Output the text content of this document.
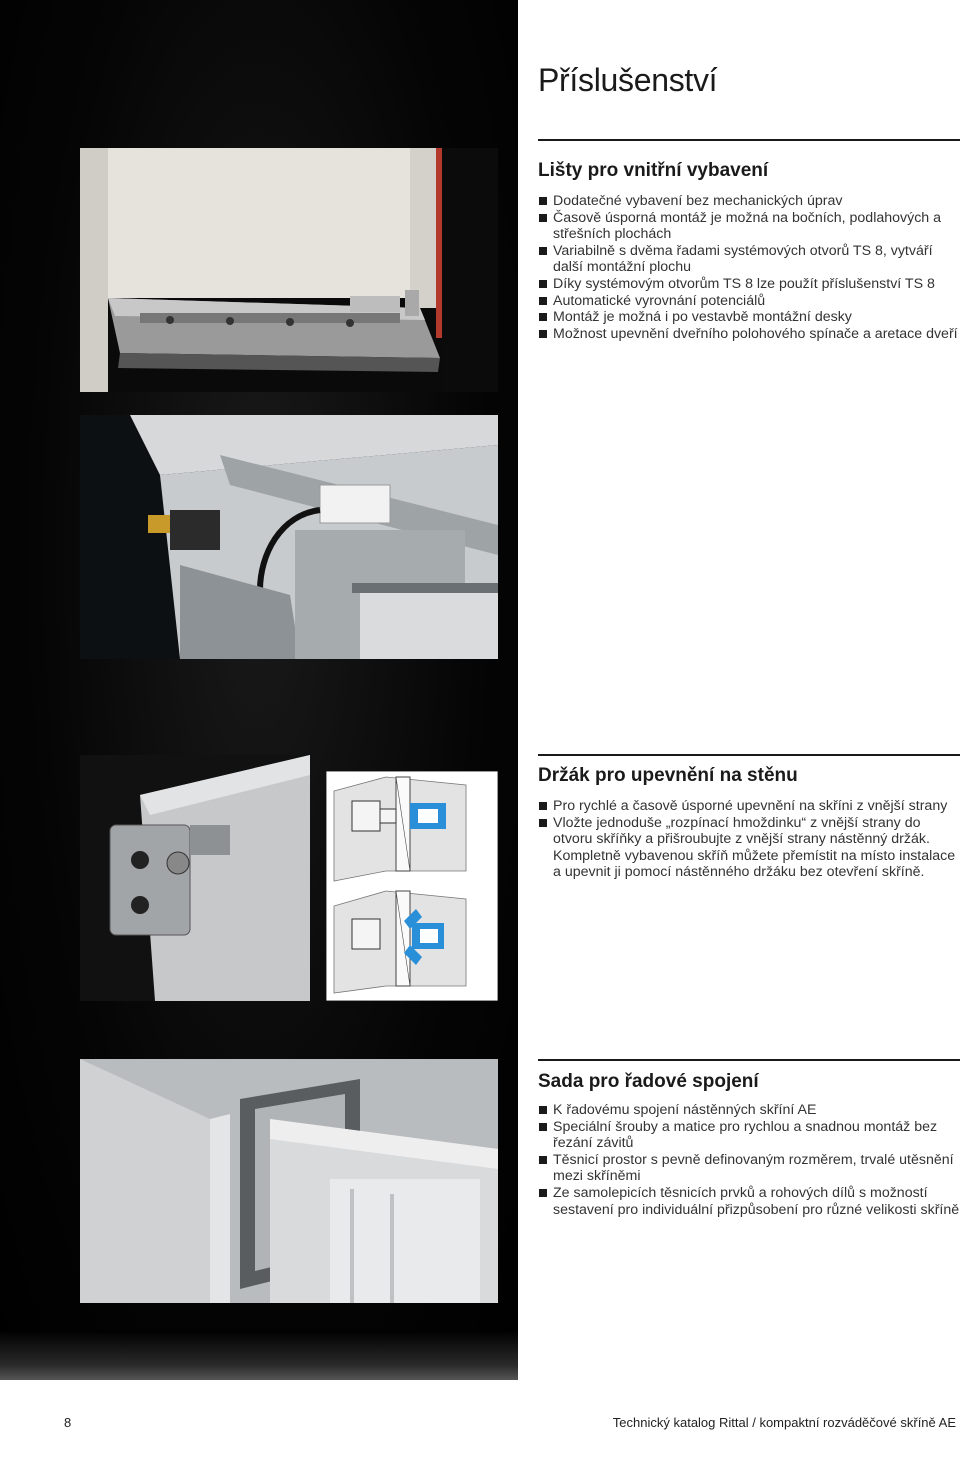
Příslušenství
Lišty pro vnitřní vybavení
Dodatečné vybavení bez mechanických úprav
Časově úsporná montáž je možná na bočních, podlahových a střešních plochách
Variabilně s dvěma řadami systémových otvorů TS 8, vytváří další montážní plochu
Díky systémovým otvorům TS 8 lze použít příslušenství TS 8
Automatické vyrovnání potenciálů
Montáž je možná i po vestavbě montážní desky
Možnost upevnění dveřního polohového spínače a aretace dveří
Držák pro upevnění na stěnu
Pro rychlé a časově úsporné upevnění na skříni z vnější strany
Vložte jednoduše „rozpínací hmoždinku“ z vnější strany do otvoru skříňky a přišroubujte z vnější strany nástěnný držák. Kompletně vybavenou skříň můžete přemístit na místo instalace a upevnit ji pomocí nástěnného držáku bez otevření skříně.
Sada pro řadové spojení
K řadovému spojení nástěnných skříní AE
Speciální šrouby a matice pro rychlou a snadnou montáž bez řezání závitů
Těsnicí prostor s pevně definovaným rozměrem, trvalé utěsnění mezi skříněmi
Ze samolepicích těsnicích prvků a rohových dílů s možností sestavení pro individuální přizpůsobení pro různé velikosti skříně
8	Technický katalog Rittal / kompaktní rozváděčové skříně AE
